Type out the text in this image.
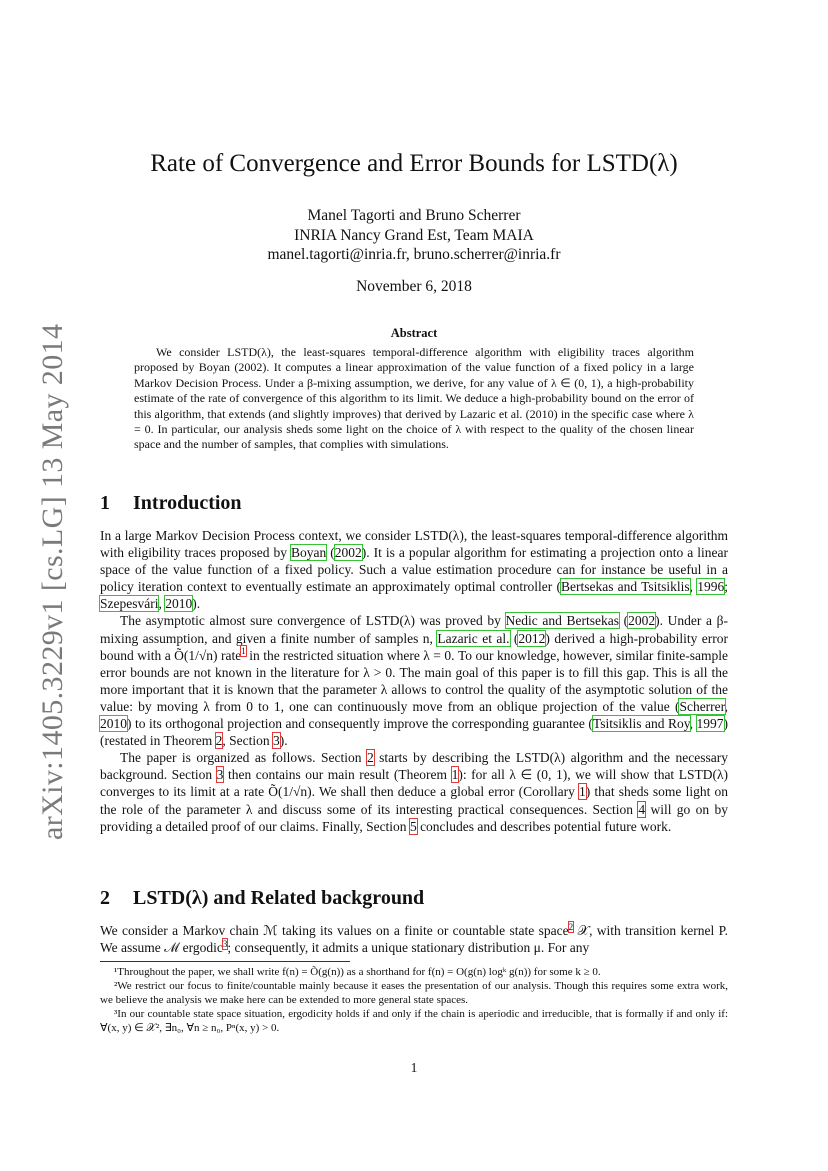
arXiv:1405.3229v1 [cs.LG] 13 May 2014
Rate of Convergence and Error Bounds for LSTD(λ)
Manel Tagorti and Bruno Scherrer
INRIA Nancy Grand Est, Team MAIA
manel.tagorti@inria.fr, bruno.scherrer@inria.fr
November 6, 2018
Abstract
We consider LSTD(λ), the least-squares temporal-difference algorithm with eligibility traces algorithm proposed by Boyan (2002). It computes a linear approximation of the value function of a fixed policy in a large Markov Decision Process. Under a β-mixing assumption, we derive, for any value of λ ∈ (0, 1), a high-probability estimate of the rate of convergence of this algorithm to its limit. We deduce a high-probability bound on the error of this algorithm, that extends (and slightly improves) that derived by Lazaric et al. (2010) in the specific case where λ = 0. In particular, our analysis sheds some light on the choice of λ with respect to the quality of the chosen linear space and the number of samples, that complies with simulations.
1 Introduction

In a large Markov Decision Process context, we consider LSTD(λ), the least-squares temporal-difference algorithm with eligibility traces proposed by Boyan (2002). It is a popular algorithm for estimating a projection onto a linear space of the value function of a fixed policy. Such a value estimation procedure can for instance be useful in a policy iteration context to eventually estimate an approximately optimal controller (Bertsekas and Tsitsiklis, 1996; Szepesvári, 2010).

The asymptotic almost sure convergence of LSTD(λ) was proved by Nedic and Bertsekas (2002). Under a β-mixing assumption, and given a finite number of samples n, Lazaric et al. (2012) derived a high-probability error bound with a Õ(1/√n) rate$^1$ in the restricted situation where λ = 0. To our knowledge, however, similar finite-sample error bounds are not known in the literature for λ > 0. The main goal of this paper is to fill this gap. This is all the more important that it is known that the parameter λ allows to control the quality of the asymptotic solution of the value: by moving λ from 0 to 1, one can continuously move from an oblique projection of the value (Scherrer, 2010) to its orthogonal projection and consequently improve the corresponding guarantee (Tsitsiklis and Roy, 1997) (restated in Theorem 2, Section 3).

The paper is organized as follows. Section 2 starts by describing the LSTD(λ) algorithm and the necessary background. Section 3 then contains our main result (Theorem 1): for all λ ∈ (0, 1), we will show that LSTD(λ) converges to its limit at a rate Õ(1/√n). We shall then deduce a global error (Corollary 1) that sheds some light on the role of the parameter λ and discuss some of its interesting practical consequences. Section 4 will go on by providing a detailed proof of our claims. Finally, Section 5 concludes and describes potential future work.

2 LSTD(λ) and Related background

We consider a Markov chain ℳ taking its values on a finite or countable state space$^2$ 𝒳, with transition kernel P. We assume ℳ ergodic$^3$; consequently, it admits a unique stationary distribution μ. For any

¹Throughout the paper, we shall write f(n) = Õ(g(n)) as a shorthand for f(n) = O(g(n) logᵏ g(n)) for some k ≥ 0.

²We restrict our focus to finite/countable mainly because it eases the presentation of our analysis. Though this requires some extra work, we believe the analysis we make here can be extended to more general state spaces.

³In our countable state space situation, ergodicity holds if and only if the chain is aperiodic and irreducible, that is formally if and only if: ∀(x, y) ∈ 𝒳², ∃n₀, ∀n ≥ n₀, Pⁿ(x, y) > 0.

1
